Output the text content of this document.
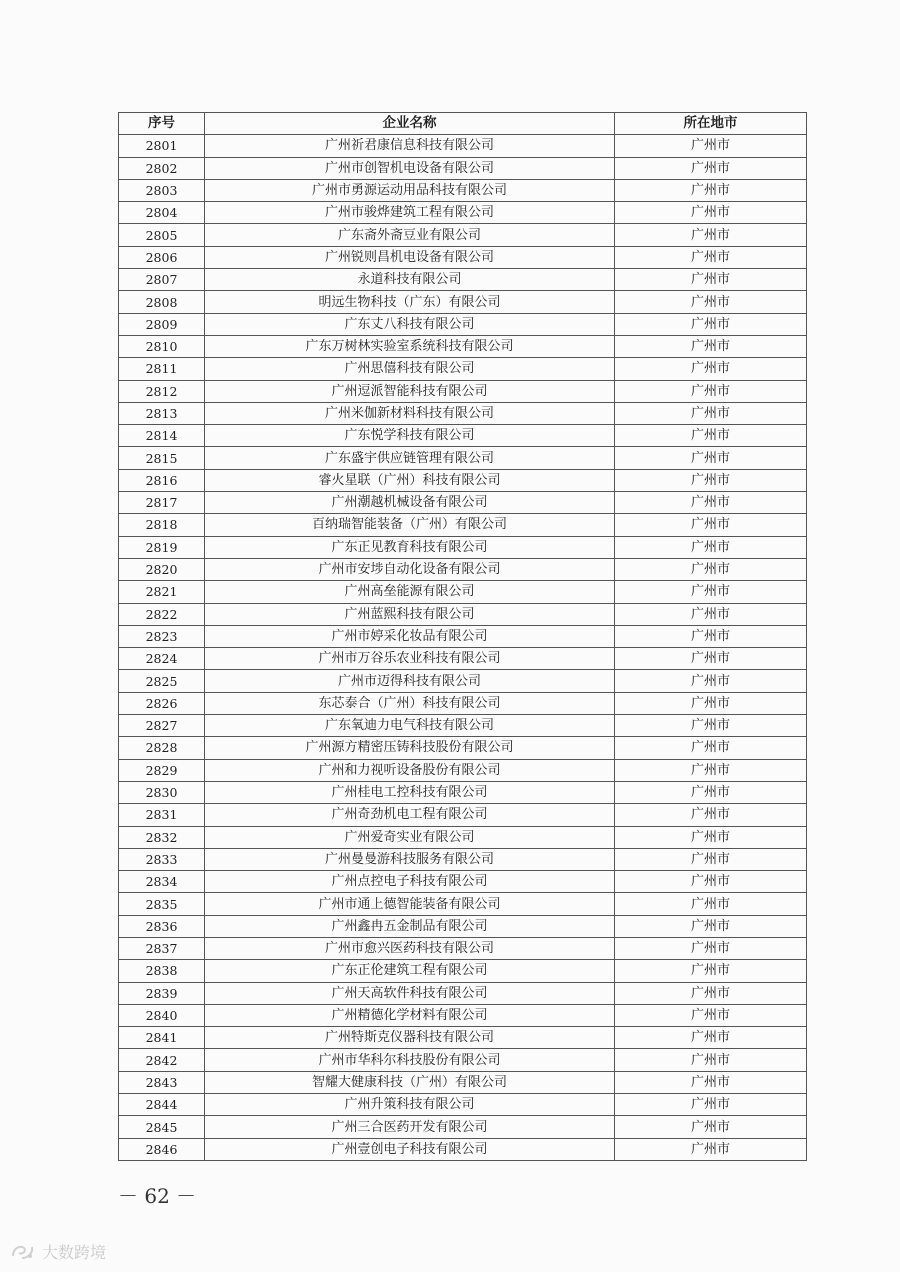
序号	企业名称	所在地市
2801	广州祈君康信息科技有限公司	广州市
2802	广州市创智机电设备有限公司	广州市
2803	广州市勇源运动用品科技有限公司	广州市
2804	广州市骏烨建筑工程有限公司	广州市
2805	广东斋外斋豆业有限公司	广州市
2806	广州锐则昌机电设备有限公司	广州市
2807	永道科技有限公司	广州市
2808	明远生物科技（广东）有限公司	广州市
2809	广东丈八科技有限公司	广州市
2810	广东万树林实验室系统科技有限公司	广州市
2811	广州思僖科技有限公司	广州市
2812	广州逗派智能科技有限公司	广州市
2813	广州米伽新材料科技有限公司	广州市
2814	广东悦学科技有限公司	广州市
2815	广东盛宇供应链管理有限公司	广州市
2816	睿火星联（广州）科技有限公司	广州市
2817	广州潮越机械设备有限公司	广州市
2818	百纳瑞智能装备（广州）有限公司	广州市
2819	广东正见教育科技有限公司	广州市
2820	广州市安埗自动化设备有限公司	广州市
2821	广州高垒能源有限公司	广州市
2822	广州蓝熙科技有限公司	广州市
2823	广州市婷采化妆品有限公司	广州市
2824	广州市万谷乐农业科技有限公司	广州市
2825	广州市迈得科技有限公司	广州市
2826	东芯泰合（广州）科技有限公司	广州市
2827	广东氧迪力电气科技有限公司	广州市
2828	广州源方精密压铸科技股份有限公司	广州市
2829	广州和力视听设备股份有限公司	广州市
2830	广州桂电工控科技有限公司	广州市
2831	广州奇劲机电工程有限公司	广州市
2832	广州爱奇实业有限公司	广州市
2833	广州曼曼游科技服务有限公司	广州市
2834	广州点控电子科技有限公司	广州市
2835	广州市通上德智能装备有限公司	广州市
2836	广州鑫冉五金制品有限公司	广州市
2837	广州市愈兴医药科技有限公司	广州市
2838	广东正伦建筑工程有限公司	广州市
2839	广州天高软件科技有限公司	广州市
2840	广州精德化学材料有限公司	广州市
2841	广州特斯克仪器科技有限公司	广州市
2842	广州市华科尔科技股份有限公司	广州市
2843	智耀大健康科技（广州）有限公司	广州市
2844	广州升策科技有限公司	广州市
2845	广州三合医药开发有限公司	广州市
2846	广州壹创电子科技有限公司	广州市
－ 62 －
大数跨境
